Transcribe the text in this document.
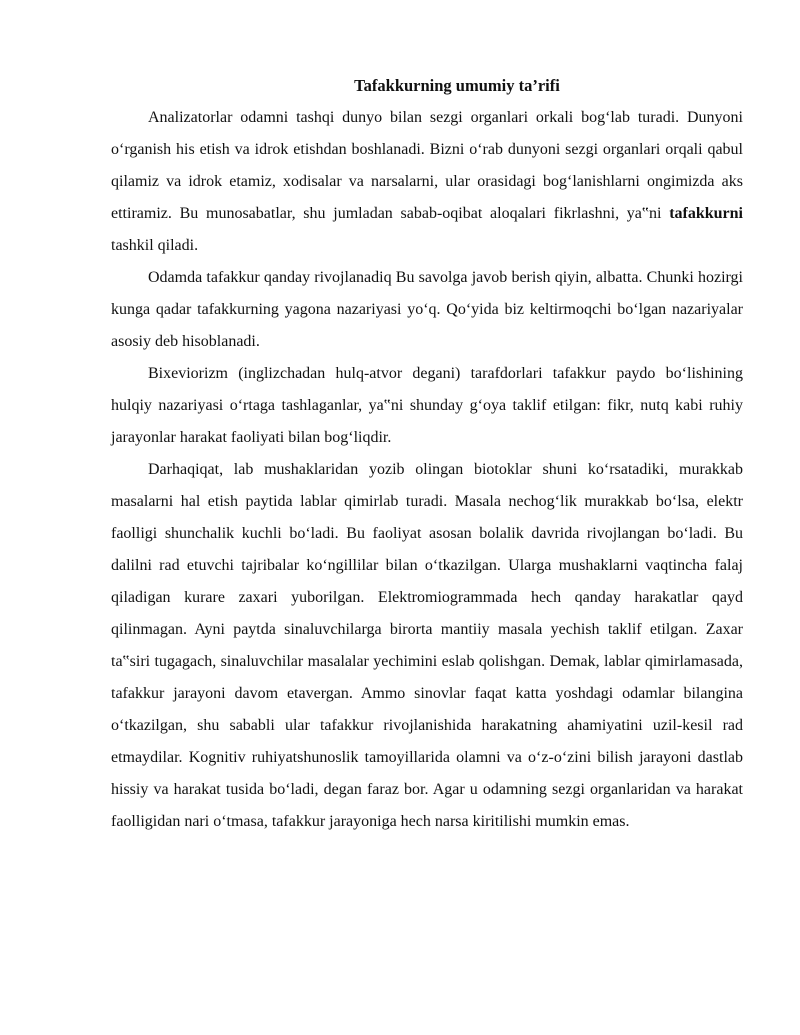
Tafakkurning umumiy ta’rifi

Analizatorlar odamni tashqi dunyo bilan sezgi organlari orkali bog‘lab turadi. Dunyoni o‘rganish his etish va idrok etishdan boshlanadi. Bizni o‘rab dunyoni sezgi organlari orqali qabul qilamiz va idrok etamiz, xodisalar va narsalarni, ular orasidagi bog‘lanishlarni ongimizda aks ettiramiz. Bu munosabatlar, shu jumladan sabab-oqibat aloqalari fikrlashni, ya‟ni tafakkurni tashkil qiladi.

Odamda tafakkur qanday rivojlanadiq Bu savolga javob berish qiyin, albatta. Chunki hozirgi kunga qadar tafakkurning yagona nazariyasi yo‘q. Qo‘yida biz keltirmoqchi bo‘lgan nazariyalar asosiy deb hisoblanadi.

Bixeviorizm (inglizchadan hulq-atvor degani) tarafdorlari tafakkur paydo bo‘lishining hulqiy nazariyasi o‘rtaga tashlaganlar, ya‟ni shunday g‘oya taklif etilgan: fikr, nutq kabi ruhiy jarayonlar harakat faoliyati bilan bog‘liqdir.

Darhaqiqat, lab mushaklaridan yozib olingan biotoklar shuni ko‘rsatadiki, murakkab masalarni hal etish paytida lablar qimirlab turadi. Masala nechog‘lik murakkab bo‘lsa, elektr faolligi shunchalik kuchli bo‘ladi. Bu faoliyat asosan bolalik davrida rivojlangan bo‘ladi. Bu dalilni rad etuvchi tajribalar ko‘ngillilar bilan o‘tkazilgan. Ularga mushaklarni vaqtincha falaj qiladigan kurare zaxari yuborilgan. Elektromiogrammada hech qanday harakatlar qayd qilinmagan. Ayni paytda sinaluvchilarga birorta mantiiy masala yechish taklif etilgan. Zaxar ta‟siri tugagach, sinaluvchilar masalalar yechimini eslab qolishgan. Demak, lablar qimirlamasada, tafakkur jarayoni davom etavergan. Ammo sinovlar faqat katta yoshdagi odamlar bilangina o‘tkazilgan, shu sababli ular tafakkur rivojlanishida harakatning ahamiyatini uzil-kesil rad etmaydilar. Kognitiv ruhiyatshunoslik tamoyillarida olamni va o‘z-o‘zini bilish jarayoni dastlab hissiy va harakat tusida bo‘ladi, degan faraz bor. Agar u odamning sezgi organlaridan va harakat faolligidan nari o‘tmasa, tafakkur jarayoniga hech narsa kiritilishi mumkin emas.
